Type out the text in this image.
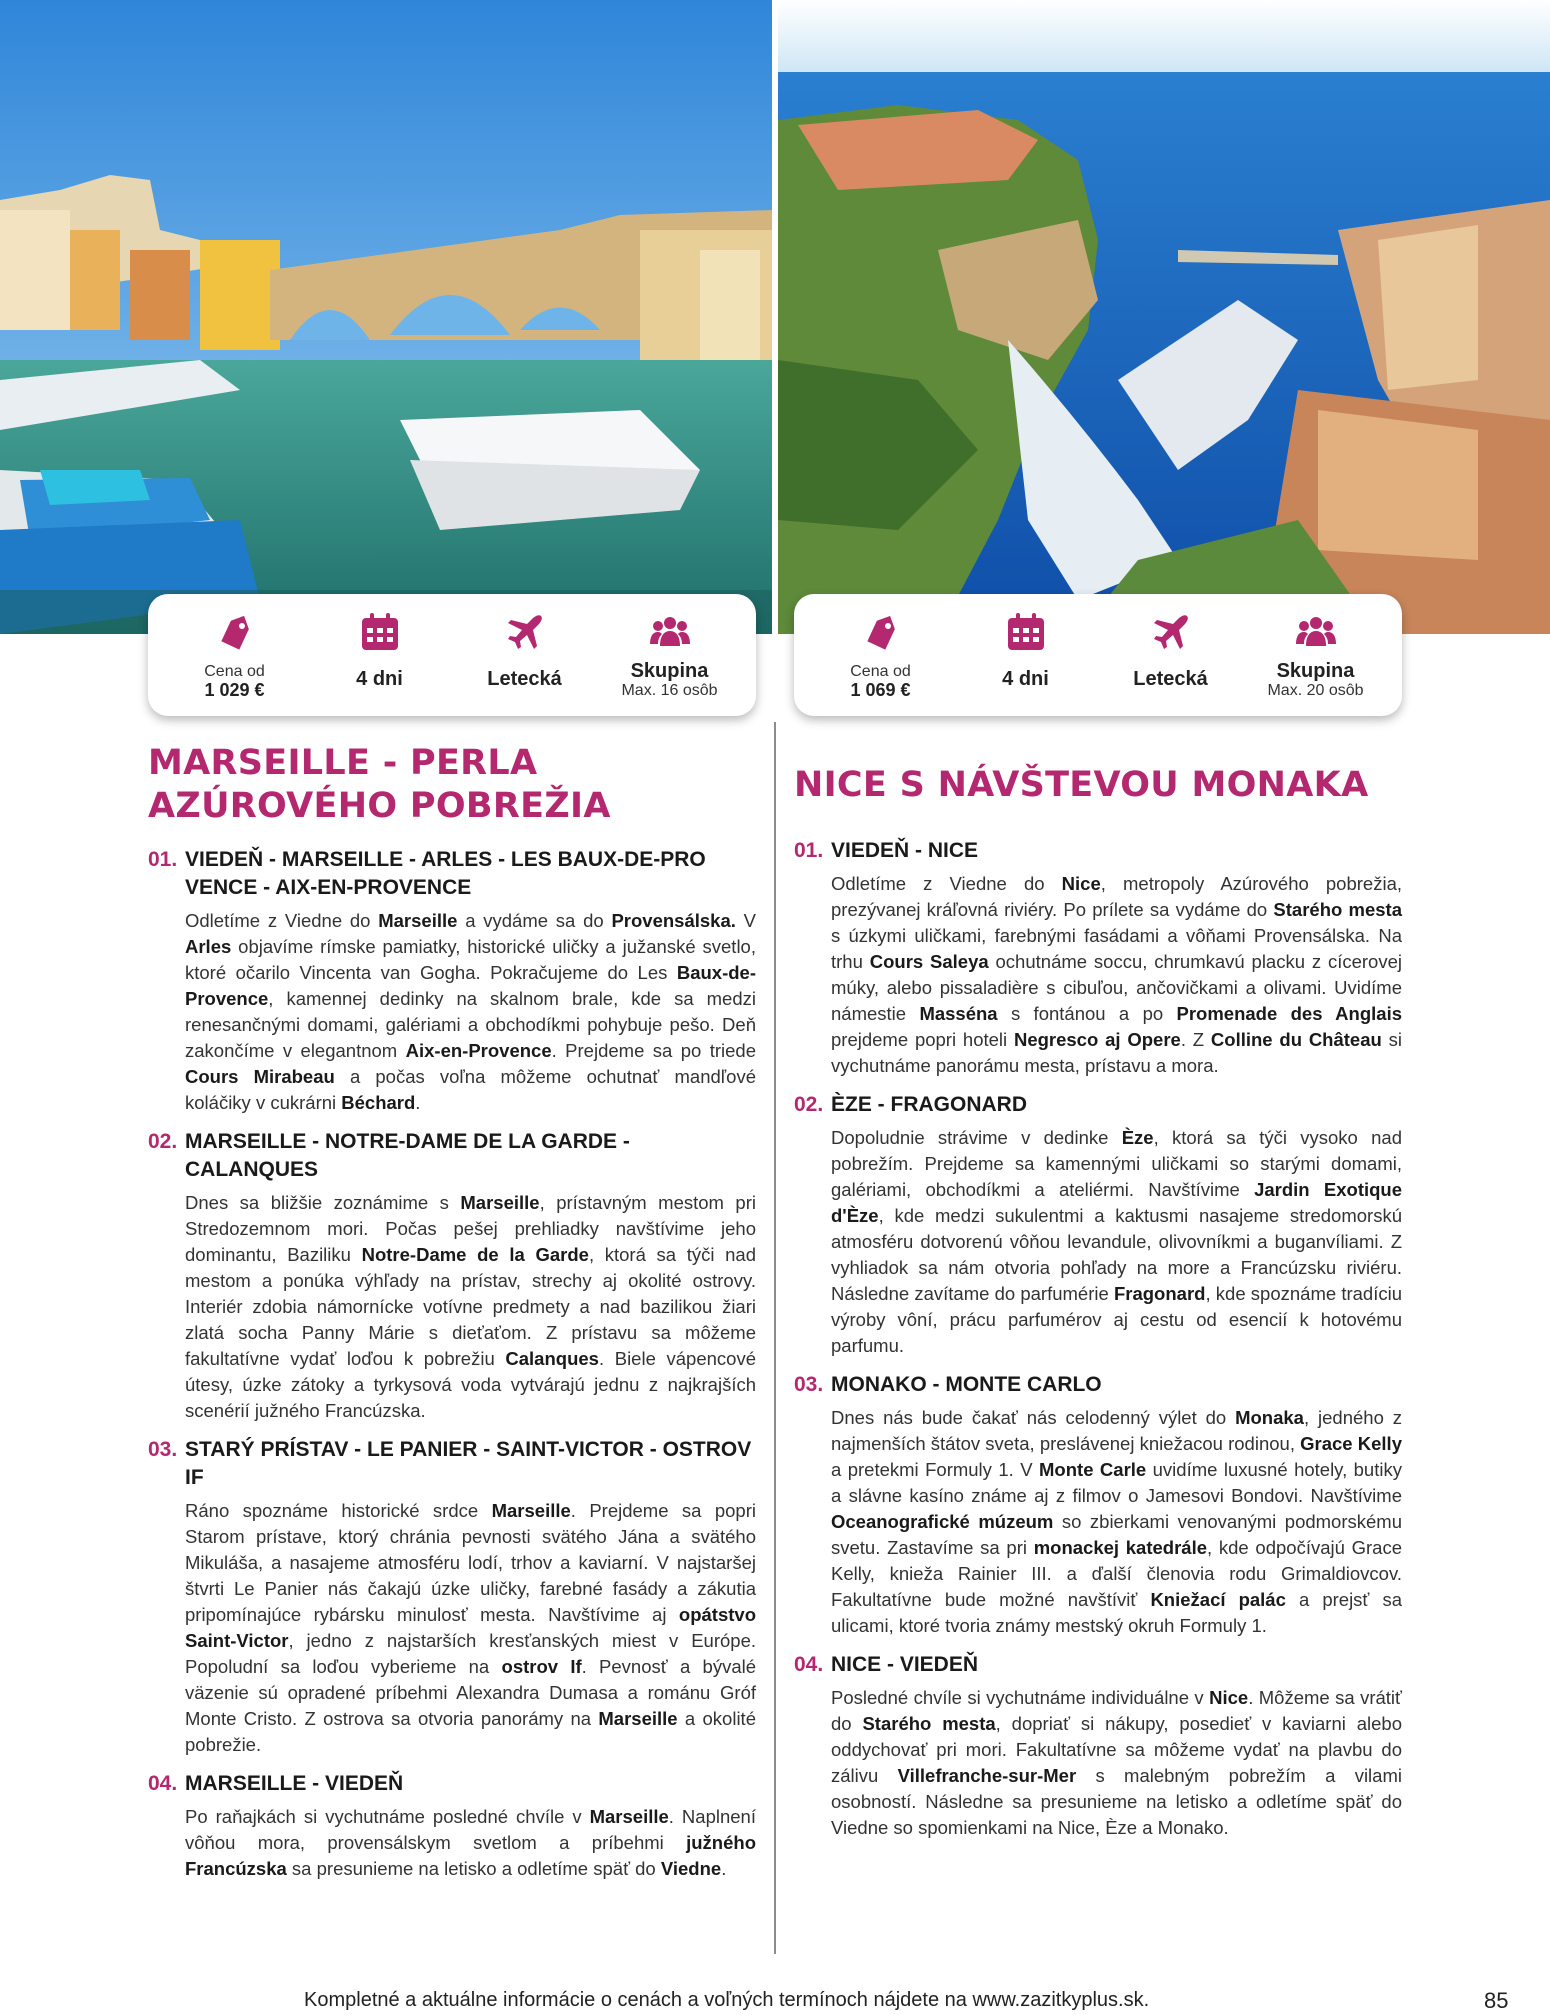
Cena od
1 029 €	4 dni	Letecká	Skupina
Max. 16 osôb
Cena od
1 069 €	4 dni	Letecká	Skupina
Max. 20 osôb
MARSEILLE - PERLA AZÚROVÉHO POBREŽIA
01. VIEDEŇ - MARSEILLE - ARLES - LES BAUX-DE-PRO VENCE - AIX-EN-PROVENCE
Odletíme z Viedne do Marseille a vydáme sa do Provensálska. V Arles objavíme rímske pamiatky, historické uličky a južanské svetlo, ktoré očarilo Vincenta van Gogha. Pokračujeme do Les Baux-de-Provence, kamennej dedinky na skalnom brale, kde sa medzi renesančnými domami, galériami a obchodíkmi pohybuje pešo. Deň zakončíme v elegantnom Aix-en-Provence. Prejdeme sa po triede Cours Mirabeau a počas voľna môžeme ochutnať mandľové koláčiky v cukrárni Béchard.
02. MARSEILLE - NOTRE-DAME DE LA GARDE - CALANQUES
Dnes sa bližšie zoznámime s Marseille, prístavným mestom pri Stredozemnom mori. Počas pešej prehliadky navštívime jeho dominantu, Baziliku Notre-Dame de la Garde, ktorá sa týči nad mestom a ponúka výhľady na prístav, strechy aj okolité ostrovy. Interiér zdobia námornícke votívne predmety a nad bazilikou žiari zlatá socha Panny Márie s dieťaťom. Z prístavu sa môžeme fakultatívne vydať loďou k pobrežiu Calanques. Biele vápencové útesy, úzke zátoky a tyrkysová voda vytvárajú jednu z najkrajších scenérií južného Francúzska.
03. STARÝ PRÍSTAV - LE PANIER - SAINT-VICTOR - OSTROV IF
Ráno spoznáme historické srdce Marseille. Prejdeme sa popri Starom prístave, ktorý chránia pevnosti svätého Jána a svätého Mikuláša, a nasajeme atmosféru lodí, trhov a kaviarní. V najstaršej štvrti Le Panier nás čakajú úzke uličky, farebné fasády a zákutia pripomínajúce rybársku minulosť mesta. Navštívime aj opátstvo Saint-Victor, jedno z najstarších kresťanských miest v Európe. Popoludní sa loďou vyberieme na ostrov If. Pevnosť a bývalé väzenie sú opradené príbehmi Alexandra Dumasa a románu Gróf Monte Cristo. Z ostrova sa otvoria panorámy na Marseille a okolité pobrežie.
04. MARSEILLE - VIEDEŇ
Po raňajkách si vychutnáme posledné chvíle v Marseille. Naplnení vôňou mora, provensálskym svetlom a príbehmi južného Francúzska sa presunieme na letisko a odletíme späť do Viedne.
NICE S NÁVŠTEVOU MONAKA
01. VIEDEŇ - NICE
Odletíme z Viedne do Nice, metropoly Azúrového pobrežia, prezývanej kráľovná riviéry. Po prílete sa vydáme do Starého mesta s úzkymi uličkami, farebnými fasádami a vôňami Provensálska. Na trhu Cours Saleya ochutnáme soccu, chrumkavú placku z cícerovej múky, alebo pissaladière s cibuľou, ančovičkami a olivami. Uvidíme námestie Masséna s fontánou a po Promenade des Anglais prejdeme popri hoteli Negresco aj Opere. Z Colline du Château si vychutnáme panorámu mesta, prístavu a mora.
02. ÈZE - FRAGONARD
Dopoludnie strávime v dedinke Èze, ktorá sa týči vysoko nad pobrežím. Prejdeme sa kamennými uličkami so starými domami, galériami, obchodíkmi a ateliérmi. Navštívime Jardin Exotique d'Èze, kde medzi sukulentmi a kaktusmi nasajeme stredomorskú atmosféru dotvorenú vôňou levandule, olivovníkmi a buganvíliami. Z vyhliadok sa nám otvoria pohľady na more a Francúzsku riviéru. Následne zavítame do parfumérie Fragonard, kde spoznáme tradíciu výroby vôní, prácu parfumérov aj cestu od esencií k hotovému parfumu.
03. MONAKO - MONTE CARLO
Dnes nás bude čakať nás celodenný výlet do Monaka, jedného z najmenších štátov sveta, preslávenej kniežacou rodinou, Grace Kelly a pretekmi Formuly 1. V Monte Carle uvidíme luxusné hotely, butiky a slávne kasíno známe aj z filmov o Jamesovi Bondovi. Navštívime Oceanografické múzeum so zbierkami venovanými podmorskému svetu. Zastavíme sa pri monackej katedrále, kde odpočívajú Grace Kelly, knieža Rainier III. a ďalší členovia rodu Grimaldiovcov. Fakultatívne bude možné navštíviť Kniežací palác a prejsť sa ulicami, ktoré tvoria známy mestský okruh Formuly 1.
04. NICE - VIEDEŇ
Posledné chvíle si vychutnáme individuálne v Nice. Môžeme sa vrátiť do Starého mesta, dopriať si nákupy, posedieť v kaviarni alebo oddychovať pri mori. Fakultatívne sa môžeme vydať na plavbu do zálivu Villefranche-sur-Mer s malebným pobrežím a vilami osobností. Následne sa presunieme na letisko a odletíme späť do Viedne so spomienkami na Nice, Èze a Monako.
Kompletné a aktuálne informácie o cenách a voľných termínoch nájdete na www.zazitkyplus.sk.	85
